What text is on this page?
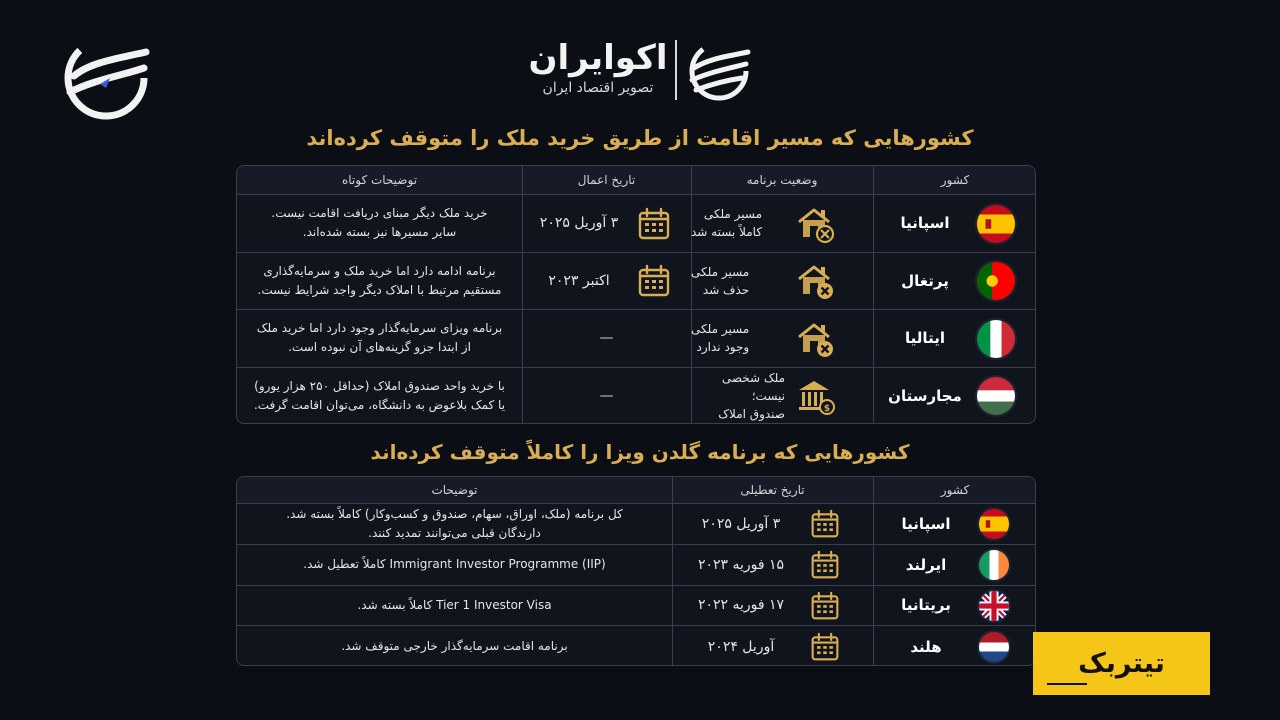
اکوایران
تصویر اقتصاد ایران
کشورهایی که مسیر اقامت از طریق خرید ملک را متوقف کرده‌اند
کشور
وضعیت برنامه
تاریخ اعمال
توضیحات کوتاه
اسپانیا
مسیر ملکی
کاملاً بسته شد
۳ آوریل ۲۰۲۵
خرید ملک دیگر مبنای دریافت اقامت نیست.
سایر مسیرها نیز بسته شده‌اند.
پرتغال
مسیر ملکی
حذف شد
اکتبر ۲۰۲۳
برنامه ادامه دارد اما خرید ملک و سرمایه‌گذاری
مستقیم مرتبط با املاک دیگر واجد شرایط نیست.
ایتالیا
مسیر ملکی
وجود ندارد
—
برنامه ویزای سرمایه‌گذار وجود دارد اما خرید ملک
از ابتدا جزو گزینه‌های آن نبوده است.
مجارستان
$
ملک شخصی نیست؛
صندوق املاک
—
با خرید واحد صندوق املاک (حداقل ۲۵۰ هزار یورو)
یا کمک بلاعوض به دانشگاه، می‌توان اقامت گرفت.
کشورهایی که برنامه گلدن ویزا را کاملاً متوقف کرده‌اند
کشور
تاریخ تعطیلی
توضیحات
اسپانیا
۳ آوریل ۲۰۲۵
کل برنامه (ملک، اوراق، سهام، صندوق و کسب‌وکار) کاملاً بسته شد.
دارندگان قبلی می‌توانند تمدید کنند.
ایرلند
۱۵ فوریه ۲۰۲۳
Immigrant Investor Programme (IIP) کاملاً تعطیل شد.
بریتانیا
۱۷ فوریه ۲۰۲۲
Tier 1 Investor Visa کاملاً بسته شد.
هلند
آوریل ۲۰۲۴
برنامه اقامت سرمایه‌گذار خارجی متوقف شد.
تیتربک
